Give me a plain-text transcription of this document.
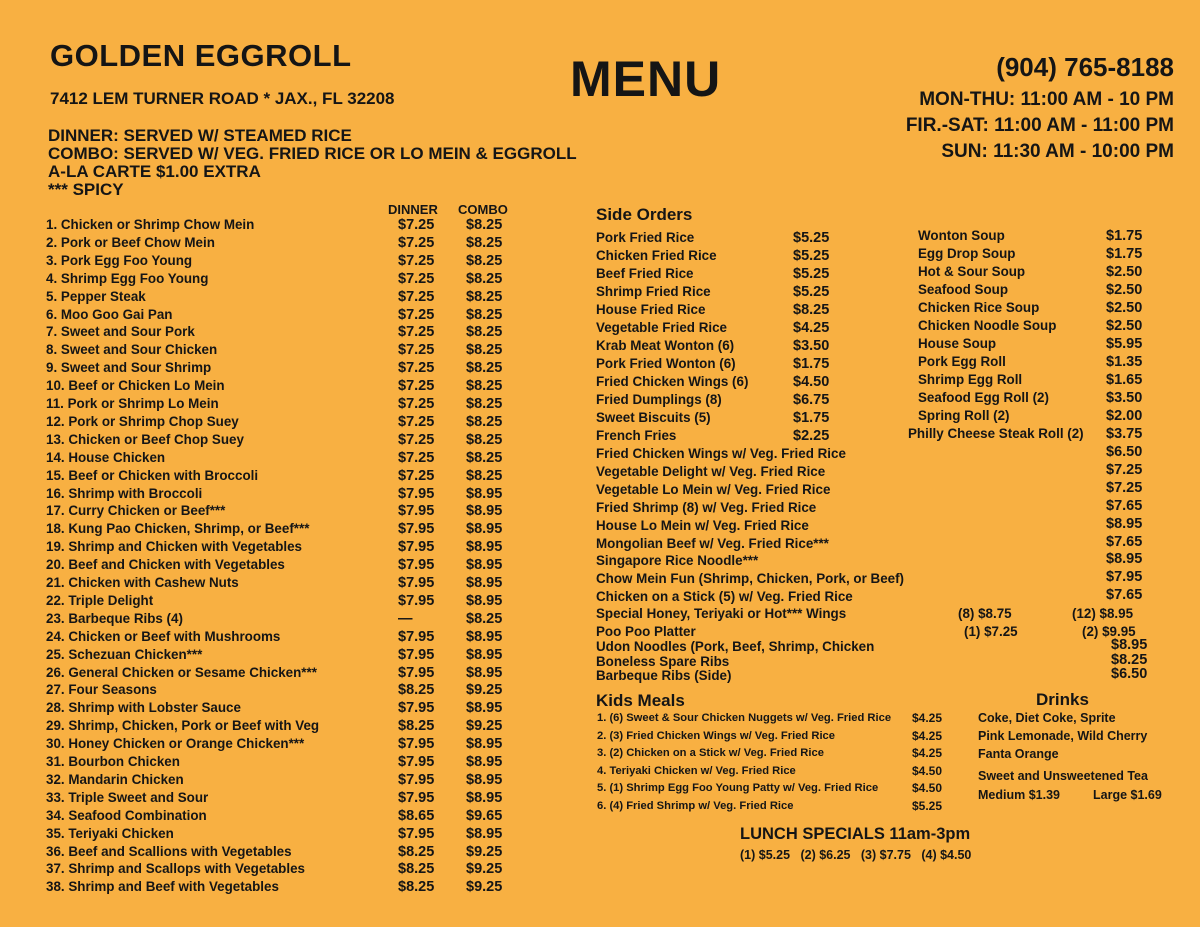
GOLDEN EGGROLL
7412 LEM TURNER ROAD * JAX., FL 32208	MENU	(904) 765-8188
MON-THU: 11:00 AM - 10 PM
FIR.-SAT: 11:00 AM - 11:00 PM
SUN: 11:30 AM - 10:00 PM
DINNER: SERVED W/ STEAMED RICE
COMBO: SERVED W/ VEG. FRIED RICE OR LO MEIN & EGGROLL
A-LA CARTE $1.00 EXTRA
*** SPICY
DINNER COMBO
1. Chicken or Shrimp Chow Mein	$7.25 $8.25
2. Pork or Beef Chow Mein	$7.25 $8.25
3. Pork Egg Foo Young	$7.25 $8.25
4. Shrimp Egg Foo Young	$7.25 $8.25
5. Pepper Steak	$7.25 $8.25
6. Moo Goo Gai Pan	$7.25 $8.25
7. Sweet and Sour Pork	$7.25 $8.25
8. Sweet and Sour Chicken	$7.25 $8.25
9. Sweet and Sour Shrimp	$7.25 $8.25
10. Beef or Chicken Lo Mein	$7.25 $8.25
11. Pork or Shrimp Lo Mein	$7.25 $8.25
12. Pork or Shrimp Chop Suey	$7.25 $8.25
13. Chicken or Beef Chop Suey	$7.25 $8.25
14. House Chicken	$7.25 $8.25
15. Beef or Chicken with Broccoli	$7.25 $8.25
16. Shrimp with Broccoli	$7.95 $8.95
17. Curry Chicken or Beef***	$7.95 $8.95
18. Kung Pao Chicken, Shrimp, or Beef***	$7.95 $8.95
19. Shrimp and Chicken with Vegetables	$7.95 $8.95
20. Beef and Chicken with Vegetables	$7.95 $8.95
21. Chicken with Cashew Nuts	$7.95 $8.95
22. Triple Delight	$7.95 $8.95
23. Barbeque Ribs (4)	—	$8.25
24. Chicken or Beef with Mushrooms	$7.95 $8.95
25. Schezuan Chicken***	$7.95 $8.95
26. General Chicken or Sesame Chicken***	$7.95 $8.95
27. Four Seasons	$8.25 $9.25
28. Shrimp with Lobster Sauce	$7.95 $8.95
29. Shrimp, Chicken, Pork or Beef with Veg	$8.25 $9.25
30. Honey Chicken or Orange Chicken***	$7.95 $8.95
31. Bourbon Chicken	$7.95 $8.95
32. Mandarin Chicken	$7.95 $8.95
33. Triple Sweet and Sour	$7.95 $8.95
34. Seafood Combination	$8.65 $9.65
35. Teriyaki Chicken	$7.95 $8.95
36. Beef and Scallions with Vegetables	$8.25 $9.25
37. Shrimp and Scallops with Vegetables	$8.25 $9.25
38. Shrimp and Beef with Vegetables	$8.25 $9.25
Pork Fried Rice	$5.25
Chicken Fried Rice	$5.25
Beef Fried Rice	$5.25
Shrimp Fried Rice	$5.25
House Fried Rice	$8.25
Vegetable Fried Rice	$4.25
Krab Meat Wonton (6)	$3.50
Pork Fried Wonton (6)	$1.75
Fried Chicken Wings (6)	$4.50
Fried Dumplings (8)	$6.75
Sweet Biscuits (5)	$1.75
French Fries	$2.25
Wonton Soup	$1.75
Egg Drop Soup	$1.75
Hot & Sour Soup	$2.50
Seafood Soup	$2.50
Chicken Rice Soup	$2.50
Chicken Noodle Soup	$2.50
House Soup	$5.95
Pork Egg Roll	$1.35
Shrimp Egg Roll	$1.65
Seafood Egg Roll (2)	$3.50
Spring Roll (2)	$2.00
Philly Cheese Steak Roll (2) $3.75
Fried Chicken Wings w/ Veg. Fried Rice	$6.50
Vegetable Delight w/ Veg. Fried Rice	$7.25
Vegetable Lo Mein w/ Veg. Fried Rice	$7.25
Fried Shrimp (8) w/ Veg. Fried Rice	$7.65
House Lo Mein w/ Veg. Fried Rice	$8.95
Mongolian Beef w/ Veg. Fried Rice***	$7.65
Singapore Rice Noodle***	$8.95
Chow Mein Fun (Shrimp, Chicken, Pork, or Beef)	$7.95
Chicken on a Stick (5) w/ Veg. Fried Rice	$7.65
1. (6) Sweet & Sour Chicken Nuggets w/ Veg. Fried Rice $4.25
2. (3) Fried Chicken Wings w/ Veg. Fried Rice	$4.25
3. (2) Chicken on a Stick w/ Veg. Fried Rice	$4.25
4. Teriyaki Chicken w/ Veg. Fried Rice	$4.50
5. (1) Shrimp Egg Foo Young Patty w/ Veg. Fried Rice	$4.50
6. (4) Fried Shrimp w/ Veg. Fried Rice	$5.25
Side Orders
Special Honey, Teriyaki or Hot*** Wings	(8) $8.75	(12) $8.95
Poo Poo Platter	(1) $7.25	(2) $9.95
Udon Noodles (Pork, Beef, Shrimp, Chicken	$8.95
Boneless Spare Ribs	$8.25
Barbeque Ribs (Side)	$6.50
Kids Meals	Drinks
Coke, Diet Coke, Sprite
Pink Lemonade, Wild Cherry
Fanta Orange
Sweet and Unsweetened Tea
Medium $1.39	Large $1.69
LUNCH SPECIALS 11am-3pm
(1) $5.25   (2) $6.25   (3) $7.75   (4) $4.50
